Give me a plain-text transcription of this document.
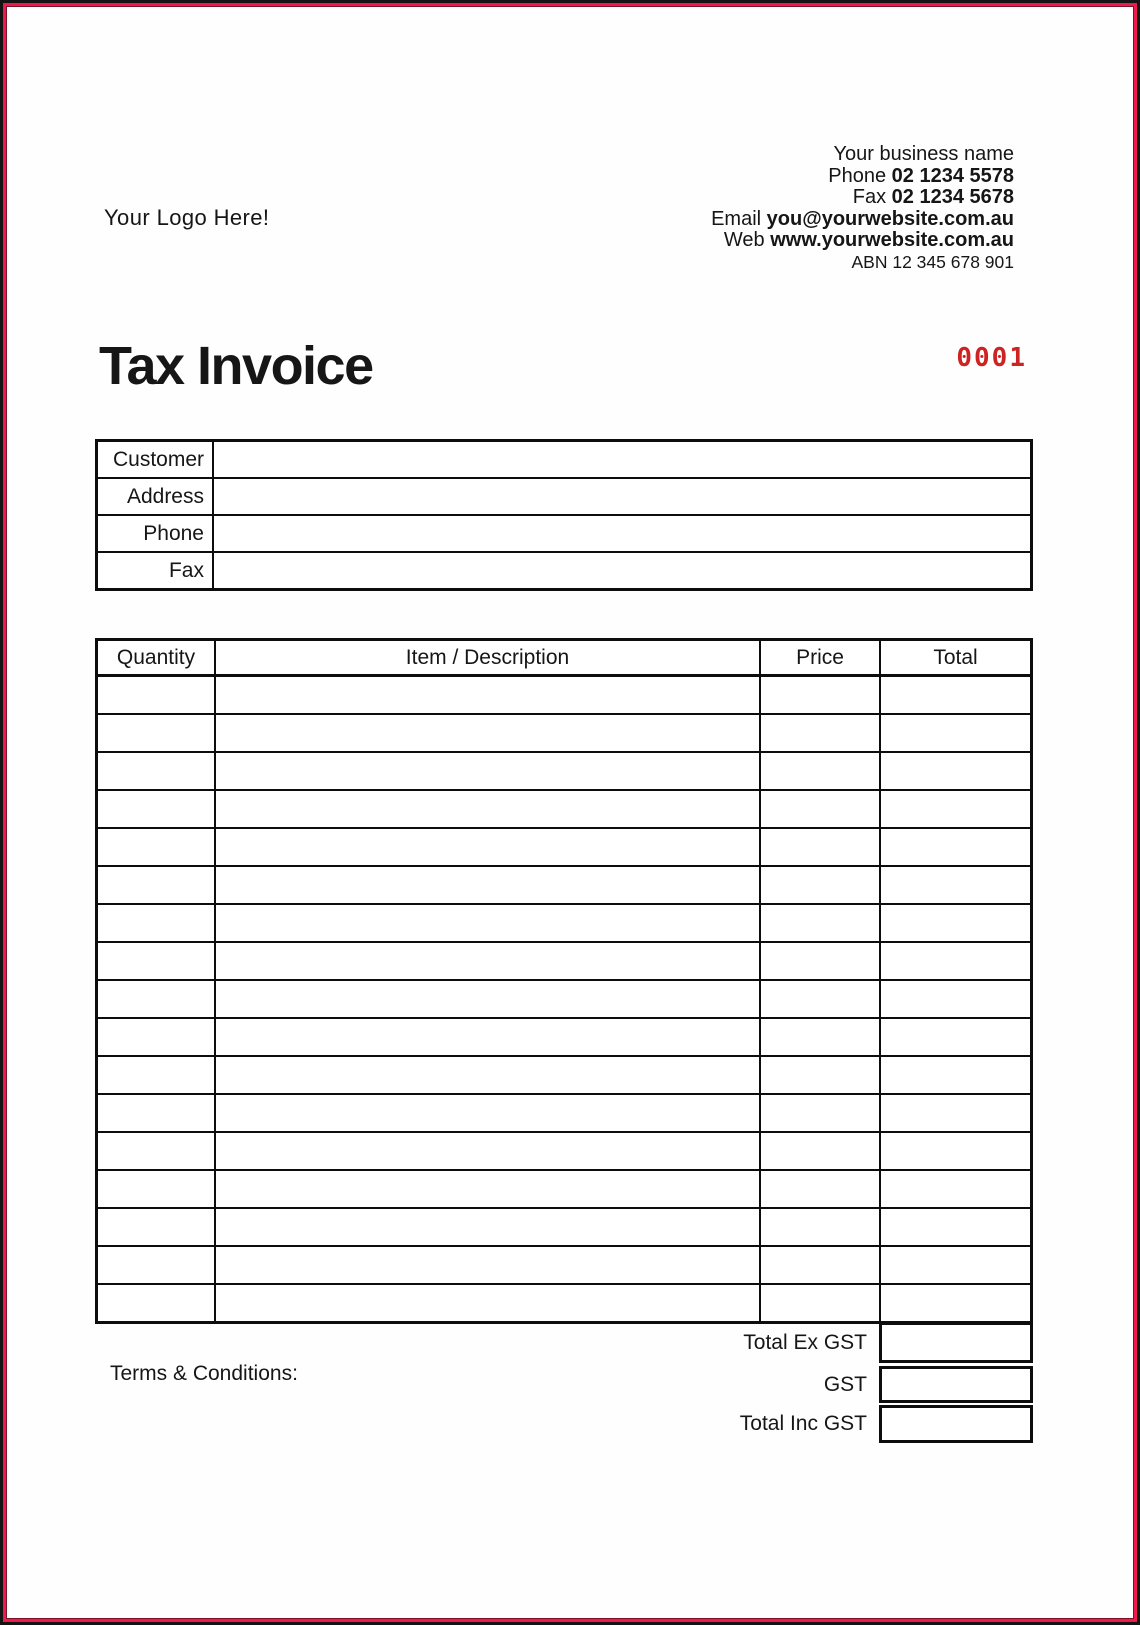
Your Logo Here!
Your business name
Phone 02 1234 5578
Fax 02 1234 5678
Email you@yourwebsite.com.au
Web www.yourwebsite.com.au
ABN 12 345 678 901
Tax Invoice	0001
Customer
Address
Phone
Fax
Quantity	Item / Description	Price	Total
Total Ex GST
GST
Total Inc GST
Terms & Conditions:
